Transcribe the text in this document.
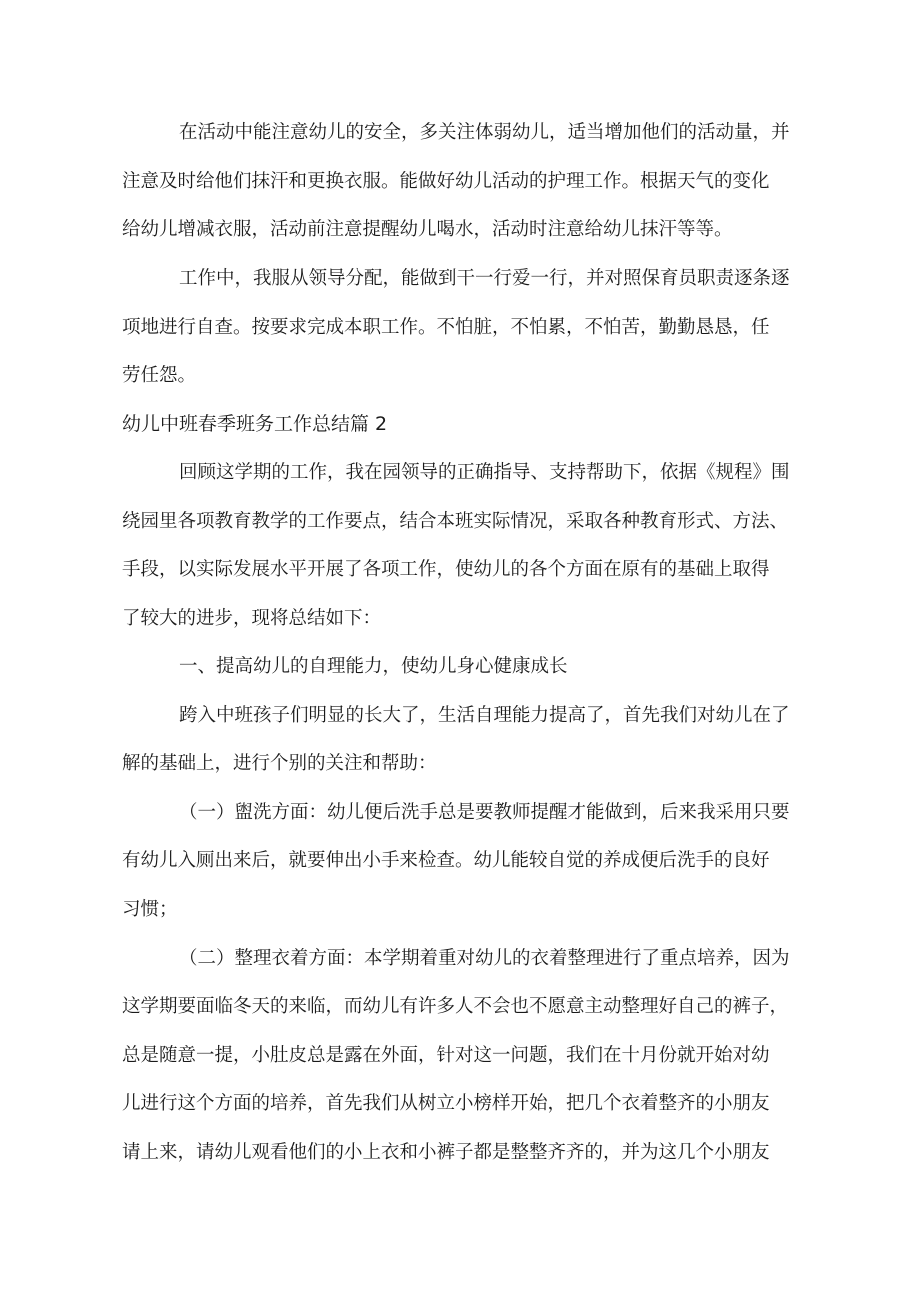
在活动中能注意幼儿的安全，多关注体弱幼儿，适当增加他们的活动量，并

注意及时给他们抹汗和更换衣服。能做好幼儿活动的护理工作。根据天气的变化

给幼儿增减衣服，活动前注意提醒幼儿喝水，活动时注意给幼儿抹汗等等。

工作中，我服从领导分配，能做到干一行爱一行，并对照保育员职责逐条逐

项地进行自查。按要求完成本职工作。不怕脏，不怕累，不怕苦，勤勤恳恳，任

劳任怨。

幼儿中班春季班务工作总结篇 2

回顾这学期的工作，我在园领导的正确指导、支持帮助下，依据《规程》围

绕园里各项教育教学的工作要点，结合本班实际情况，采取各种教育形式、方法、

手段，以实际发展水平开展了各项工作，使幼儿的各个方面在原有的基础上取得

了较大的进步，现将总结如下：

一、提高幼儿的自理能力，使幼儿身心健康成长

跨入中班孩子们明显的长大了，生活自理能力提高了，首先我们对幼儿在了

解的基础上，进行个别的关注和帮助：

（一）盥洗方面：幼儿便后洗手总是要教师提醒才能做到，后来我采用只要

有幼儿入厕出来后，就要伸出小手来检查。幼儿能较自觉的养成便后洗手的良好

习惯；

（二）整理衣着方面：本学期着重对幼儿的衣着整理进行了重点培养，因为

这学期要面临冬天的来临，而幼儿有许多人不会也不愿意主动整理好自己的裤子，

总是随意一提，小肚皮总是露在外面，针对这一问题，我们在十月份就开始对幼

儿进行这个方面的培养，首先我们从树立小榜样开始，把几个衣着整齐的小朋友

请上来，请幼儿观看他们的小上衣和小裤子都是整整齐齐的，并为这几个小朋友
